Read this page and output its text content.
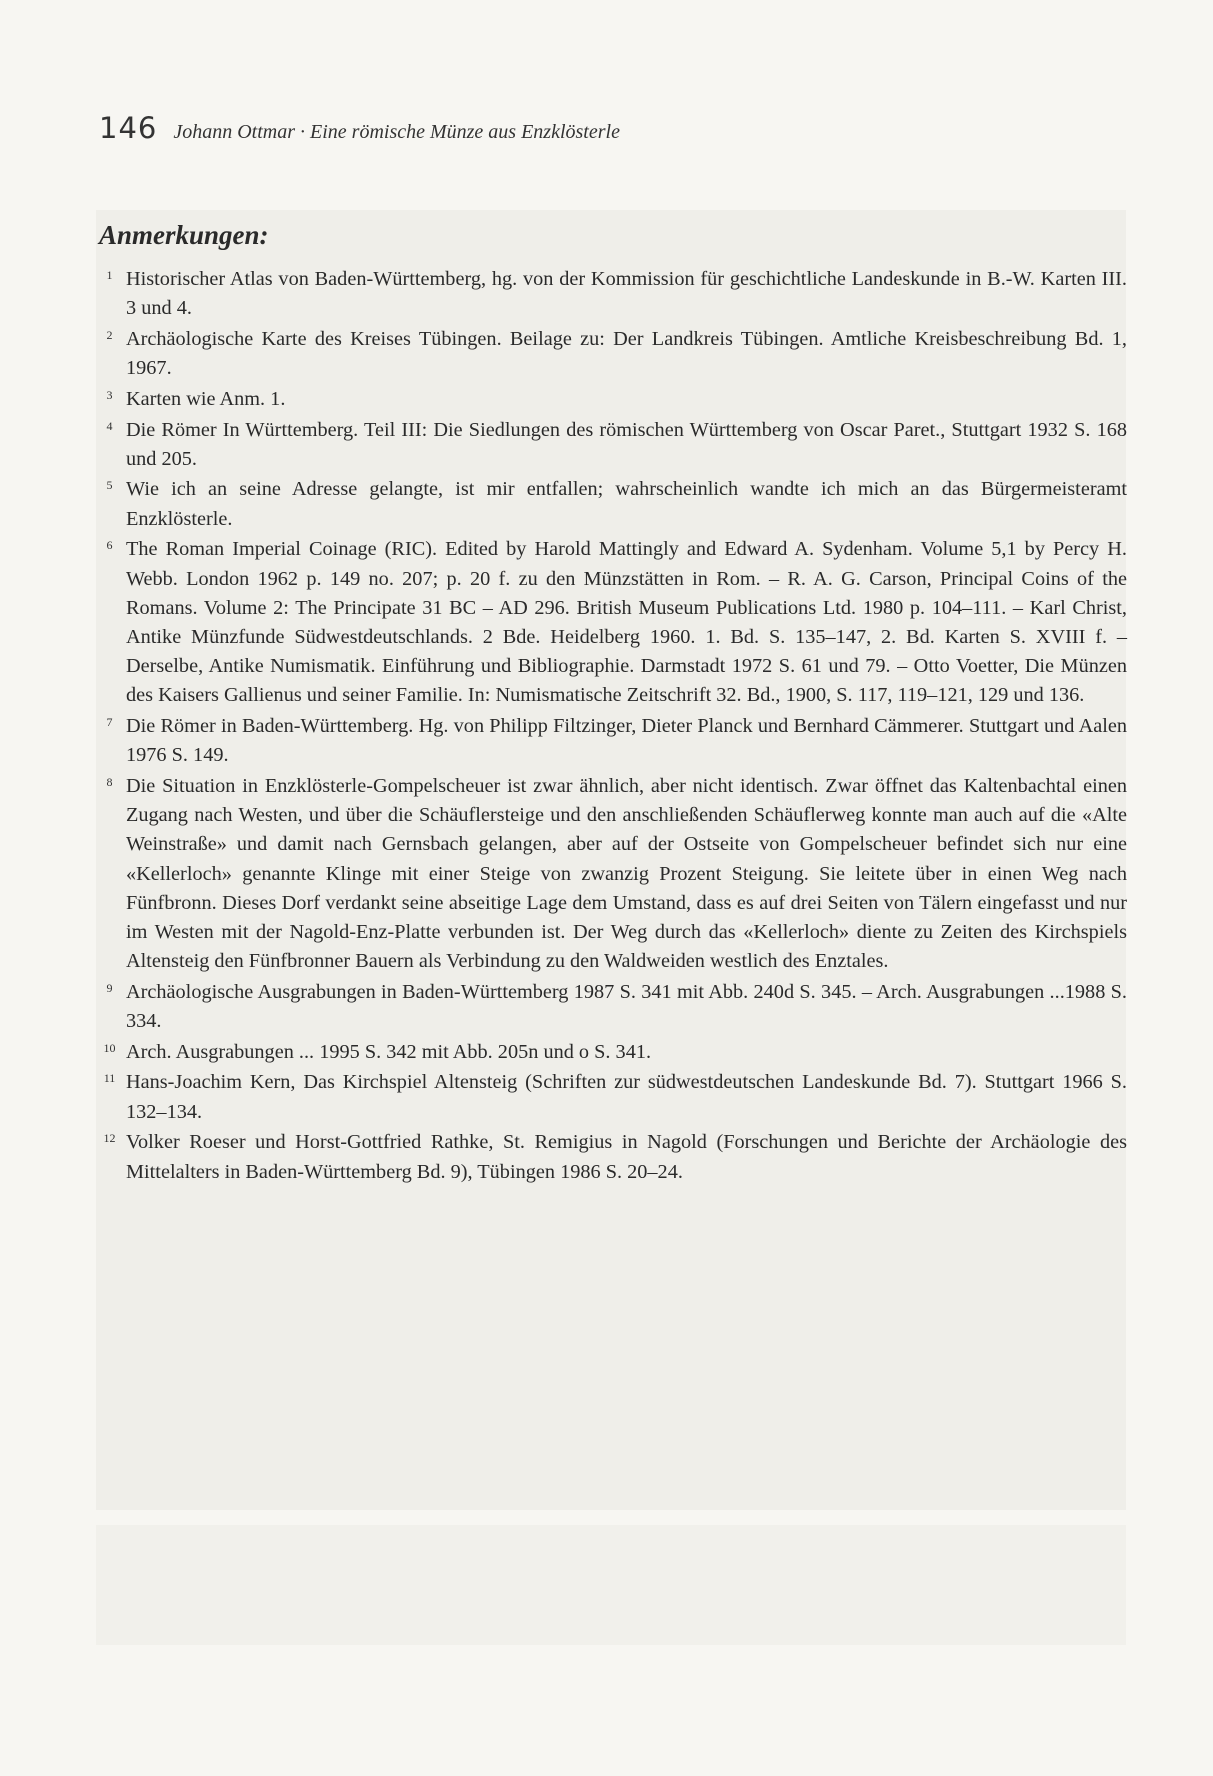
146 Johann Ottmar · Eine römische Münze aus Enzklösterle
Anmerkungen:
1 Historischer Atlas von Baden-Württemberg, hg. von der Kommission für geschichtliche Landeskunde in B.-W. Karten III. 3 und 4.
2 Archäologische Karte des Kreises Tübingen. Beilage zu: Der Landkreis Tübingen. Amtliche Kreisbeschreibung Bd. 1, 1967.
3 Karten wie Anm. 1.
4 Die Römer In Württemberg. Teil III: Die Siedlungen des römischen Württemberg von Oscar Paret., Stuttgart 1932 S. 168 und 205.
5 Wie ich an seine Adresse gelangte, ist mir entfallen; wahrscheinlich wandte ich mich an das Bürgermeisteramt Enzklösterle.
6 The Roman Imperial Coinage (RIC). Edited by Harold Mattingly and Edward A. Sydenham. Volume 5,1 by Percy H. Webb. London 1962 p. 149 no. 207; p. 20 f. zu den Münzstätten in Rom. – R. A. G. Carson, Principal Coins of the Romans. Volume 2: The Principate 31 BC – AD 296. British Museum Publications Ltd. 1980 p. 104–111. – Karl Christ, Antike Münzfunde Südwestdeutschlands. 2 Bde. Heidelberg 1960. 1. Bd. S. 135–147, 2. Bd. Karten S. XVIII f. – Derselbe, Antike Numismatik. Einführung und Bibliographie. Darmstadt 1972 S. 61 und 79. – Otto Voetter, Die Münzen des Kaisers Gallienus und seiner Familie. In: Numismatische Zeitschrift 32. Bd., 1900, S. 117, 119–121, 129 und 136.
7 Die Römer in Baden-Württemberg. Hg. von Philipp Filtzinger, Dieter Planck und Bernhard Cämmerer. Stuttgart und Aalen 1976 S. 149.
8 Die Situation in Enzklösterle-Gompelscheuer ist zwar ähnlich, aber nicht identisch. Zwar öffnet das Kaltenbachtal einen Zugang nach Westen, und über die Schäuflersteige und den anschließenden Schäuflerweg konnte man auch auf die «Alte Weinstraße» und damit nach Gernsbach gelangen, aber auf der Ostseite von Gompelscheuer befindet sich nur eine «Kellerloch» genannte Klinge mit einer Steige von zwanzig Prozent Steigung. Sie leitete über in einen Weg nach Fünfbronn. Dieses Dorf verdankt seine abseitige Lage dem Umstand, dass es auf drei Seiten von Tälern eingefasst und nur im Westen mit der Nagold-Enz-Platte verbunden ist. Der Weg durch das «Kellerloch» diente zu Zeiten des Kirchspiels Altensteig den Fünfbronner Bauern als Verbindung zu den Waldweiden westlich des Enztales.
9 Archäologische Ausgrabungen in Baden-Württemberg 1987 S. 341 mit Abb. 240d S. 345. – Arch. Ausgrabungen ...1988 S. 334.
10 Arch. Ausgrabungen ... 1995 S. 342 mit Abb. 205n und o S. 341.
11 Hans-Joachim Kern, Das Kirchspiel Altensteig (Schriften zur südwestdeutschen Landeskunde Bd. 7). Stuttgart 1966 S. 132–134.
12 Volker Roeser und Horst-Gottfried Rathke, St. Remigius in Nagold (Forschungen und Berichte der Archäologie des Mittelalters in Baden-Württemberg Bd. 9), Tübingen 1986 S. 20–24.
